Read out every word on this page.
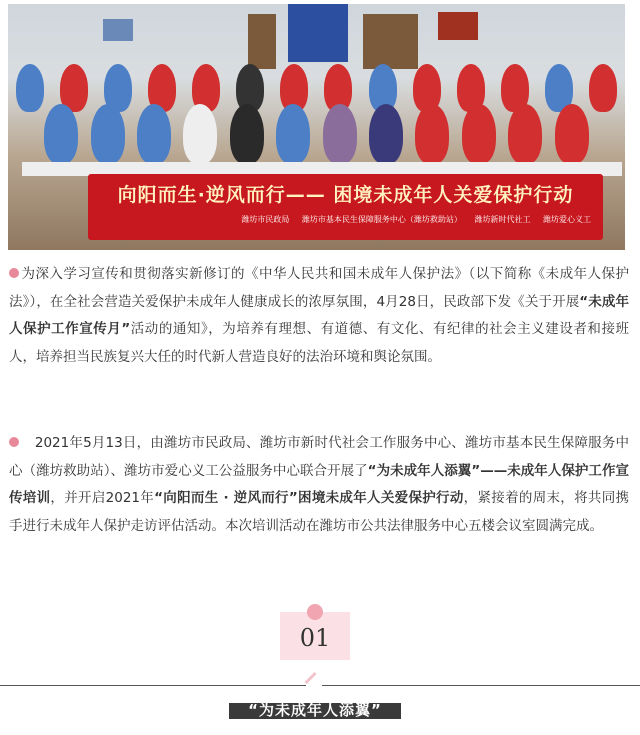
向阳而生·逆风而行—— 困境未成年人关爱保护行动
潍坊市民政局 潍坊市基本民生保障服务中心（潍坊救助站） 潍坊新时代社工 潍坊爱心义工
为深入学习宣传和贯彻落实新修订的《中华人民共和国未成年人保护法》（以下简称《未成年人保护法》），在全社会营造关爱保护未成年人健康成长的浓厚氛围，4月28日，民政部下发《关于开展“未成年人保护工作宣传月”活动的通知》，为培养有理想、有道德、有文化、有纪律的社会主义建设者和接班人，培养担当民族复兴大任的时代新人营造良好的法治环境和舆论氛围。
　2021年5月13日，由潍坊市民政局、潍坊市新时代社会工作服务中心、潍坊市基本民生保障服务中心（潍坊救助站）、潍坊市爱心义工公益服务中心联合开展了“为未成年人添翼”——未成年人保护工作宣传培训，并开启2021年“向阳而生 · 逆风而行”困境未成年人关爱保护行动，紧接着的周末，将共同携手进行未成年人保护走访评估活动。本次培训活动在潍坊市公共法律服务中心五楼会议室圆满完成。
01
“为未成年人添翼”
